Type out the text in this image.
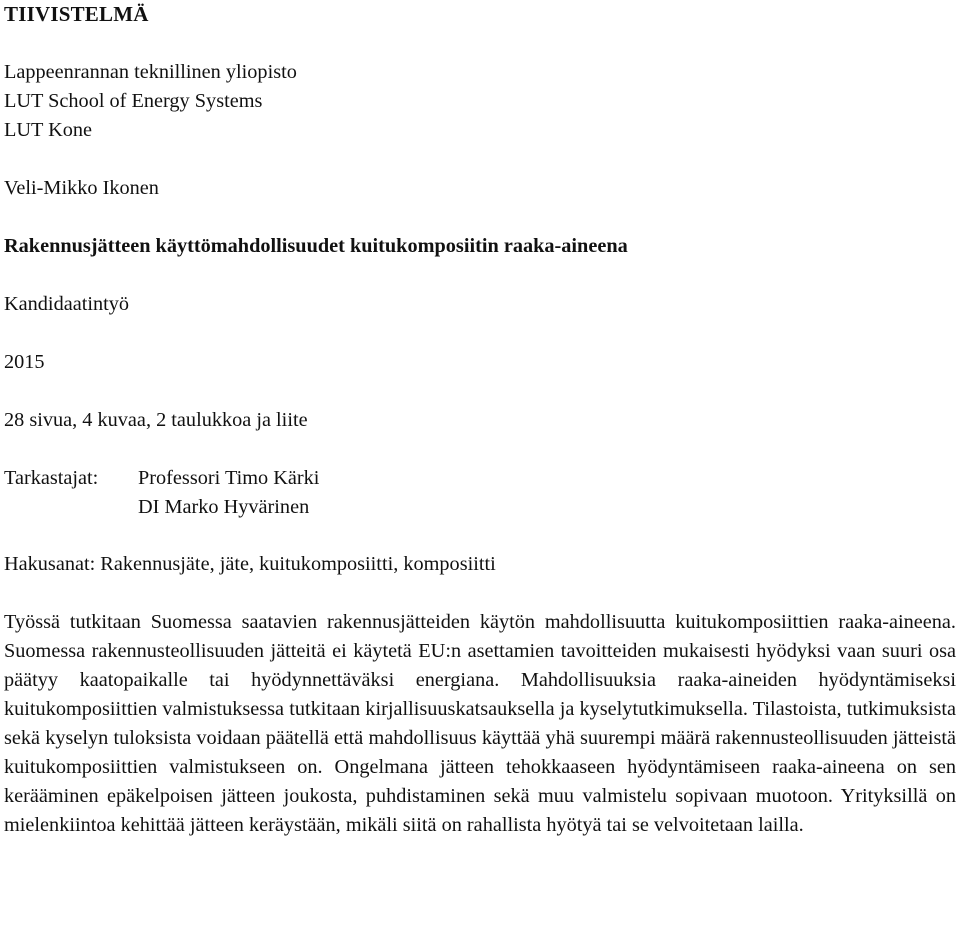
TIIVISTELMÄ
Lappeenrannan teknillinen yliopisto
LUT School of Energy Systems
LUT Kone
Veli-Mikko Ikonen
Rakennusjätteen käyttömahdollisuudet kuitukomposiitin raaka-aineena
Kandidaatintyö
2015
28 sivua, 4 kuvaa, 2 taulukkoa ja liite
Tarkastajat: Professori Timo Kärki
DI Marko Hyvärinen
Hakusanat: Rakennusjäte, jäte, kuitukomposiitti, komposiitti
Työssä tutkitaan Suomessa saatavien rakennusjätteiden käytön mahdollisuutta kuitukomposiittien raaka-aineena. Suomessa rakennusteollisuuden jätteitä ei käytetä EU:n asettamien tavoitteiden mukaisesti hyödyksi vaan suuri osa päätyy kaatopaikalle tai hyödynnettäväksi energiana. Mahdollisuuksia raaka-aineiden hyödyntämiseksi kuitukomposiittien valmistuksessa tutkitaan kirjallisuuskatsauksella ja kyselytutkimuksella. Tilastoista, tutkimuksista sekä kyselyn tuloksista voidaan päätellä että mahdollisuus käyttää yhä suurempi määrä rakennusteollisuuden jätteistä kuitukomposiittien valmistukseen on. Ongelmana jätteen tehokkaaseen hyödyntämiseen raaka-aineena on sen kerääminen epäkelpoisen jätteen joukosta, puhdistaminen sekä muu valmistelu sopivaan muotoon. Yrityksillä on mielenkiintoa kehittää jätteen keräystään, mikäli siitä on rahallista hyötyä tai se velvoitetaan lailla.
